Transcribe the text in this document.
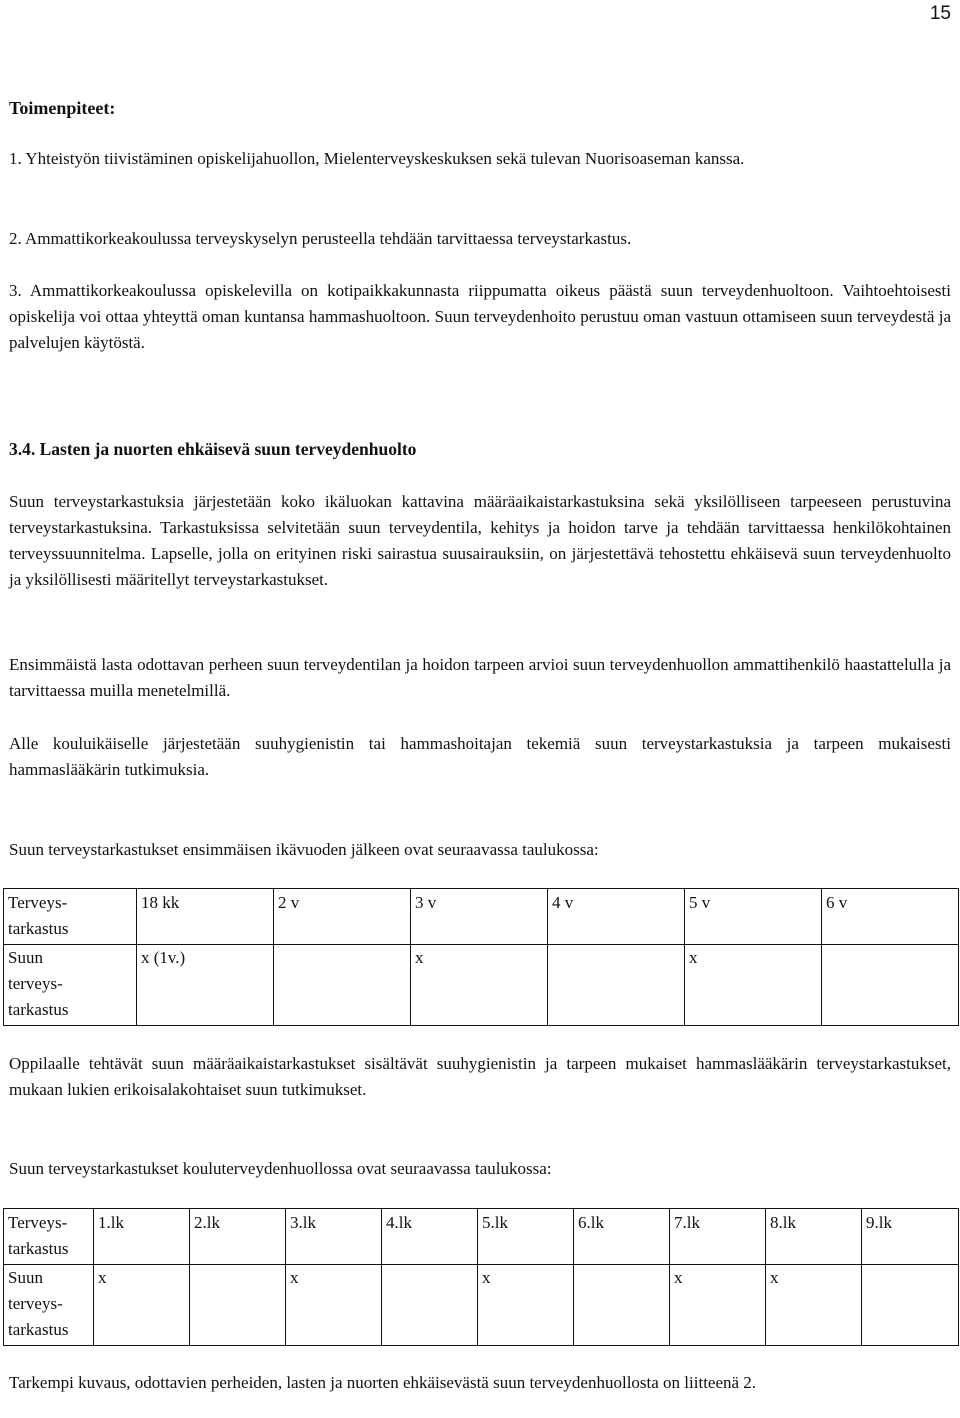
15
Toimenpiteet:

1. Yhteistyön tiivistäminen opiskelijahuollon, Mielenterveyskeskuksen sekä tulevan Nuorisoaseman kanssa.

2. Ammattikorkeakoulussa terveyskyselyn perusteella tehdään tarvittaessa terveystarkastus.

3. Ammattikorkeakoulussa opiskelevilla on kotipaikkakunnasta riippumatta oikeus päästä suun terveydenhuoltoon. Vaihtoehtoisesti opiskelija voi ottaa yhteyttä oman kuntansa hammashuoltoon. Suun terveydenhoito perustuu oman vastuun ottamiseen suun terveydestä ja palvelujen käytöstä.

3.4. Lasten ja nuorten ehkäisevä suun terveydenhuolto

Suun terveystarkastuksia järjestetään koko ikäluokan kattavina määräaikaistarkastuksina sekä yksilölliseen tarpeeseen perustuvina terveystarkastuksina. Tarkastuksissa selvitetään suun terveydentila, kehitys ja hoidon tarve ja tehdään tarvittaessa henkilökohtainen terveyssuunnitelma. Lapselle, jolla on erityinen riski sairastua suusairauksiin, on järjestettävä tehostettu ehkäisevä suun terveydenhuolto ja yksilöllisesti määritellyt terveystarkastukset.

Ensimmäistä lasta odottavan perheen suun terveydentilan ja hoidon tarpeen arvioi suun terveydenhuollon ammattihenkilö haastattelulla ja tarvittaessa muilla menetelmillä.

Alle kouluikäiselle järjestetään suuhygienistin tai hammashoitajan tekemiä suun terveystarkastuksia ja tarpeen mukaisesti hammaslääkärin tutkimuksia.

Suun terveystarkastukset ensimmäisen ikävuoden jälkeen ovat seuraavassa taulukossa:

Terveys-
tarkastus	18 kk	2 v	3 v	4 v	5 v	6 v
Suun
terveys-
tarkastus	x (1v.)		x		x	

Oppilaalle tehtävät suun määräaikaistarkastukset sisältävät suuhygienistin ja tarpeen mukaiset hammaslääkärin terveystarkastukset, mukaan lukien erikoisalakohtaiset suun tutkimukset.

Suun terveystarkastukset kouluterveydenhuollossa ovat seuraavassa taulukossa:

Terveys-
tarkastus	1.lk	2.lk	3.lk	4.lk	5.lk	6.lk	7.lk	8.lk	9.lk
Suun
terveys-
tarkastus	x		x		x		x	x	

Tarkempi kuvaus, odottavien perheiden, lasten ja nuorten ehkäisevästä suun terveydenhuollosta on liitteenä 2.
